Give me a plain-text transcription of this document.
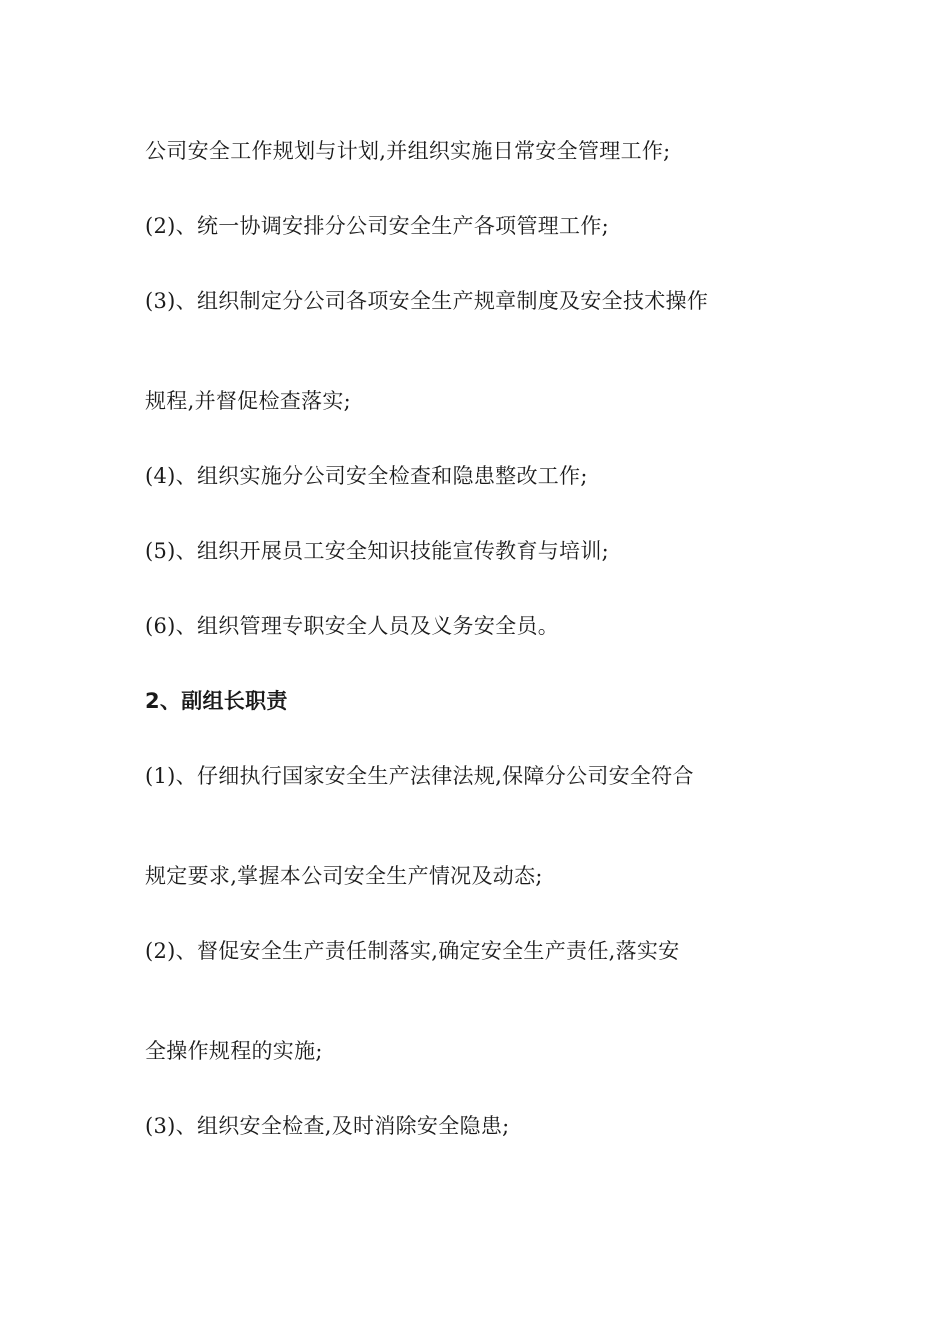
公司安全工作规划与计划,并组织实施日常安全管理工作;
(2)、统一协调安排分公司安全生产各项管理工作;
(3)、组织制定分公司各项安全生产规章制度及安全技术操作
规程,并督促检查落实;
(4)、组织实施分公司安全检查和隐患整改工作;
(5)、组织开展员工安全知识技能宣传教育与培训;
(6)、组织管理专职安全人员及义务安全员。
2、副组长职责
(1)、仔细执行国家安全生产法律法规,保障分公司安全符合
规定要求,掌握本公司安全生产情况及动态;
(2)、督促安全生产责任制落实,确定安全生产责任,落实安
全操作规程的实施;
(3)、组织安全检查,及时消除安全隐患;
